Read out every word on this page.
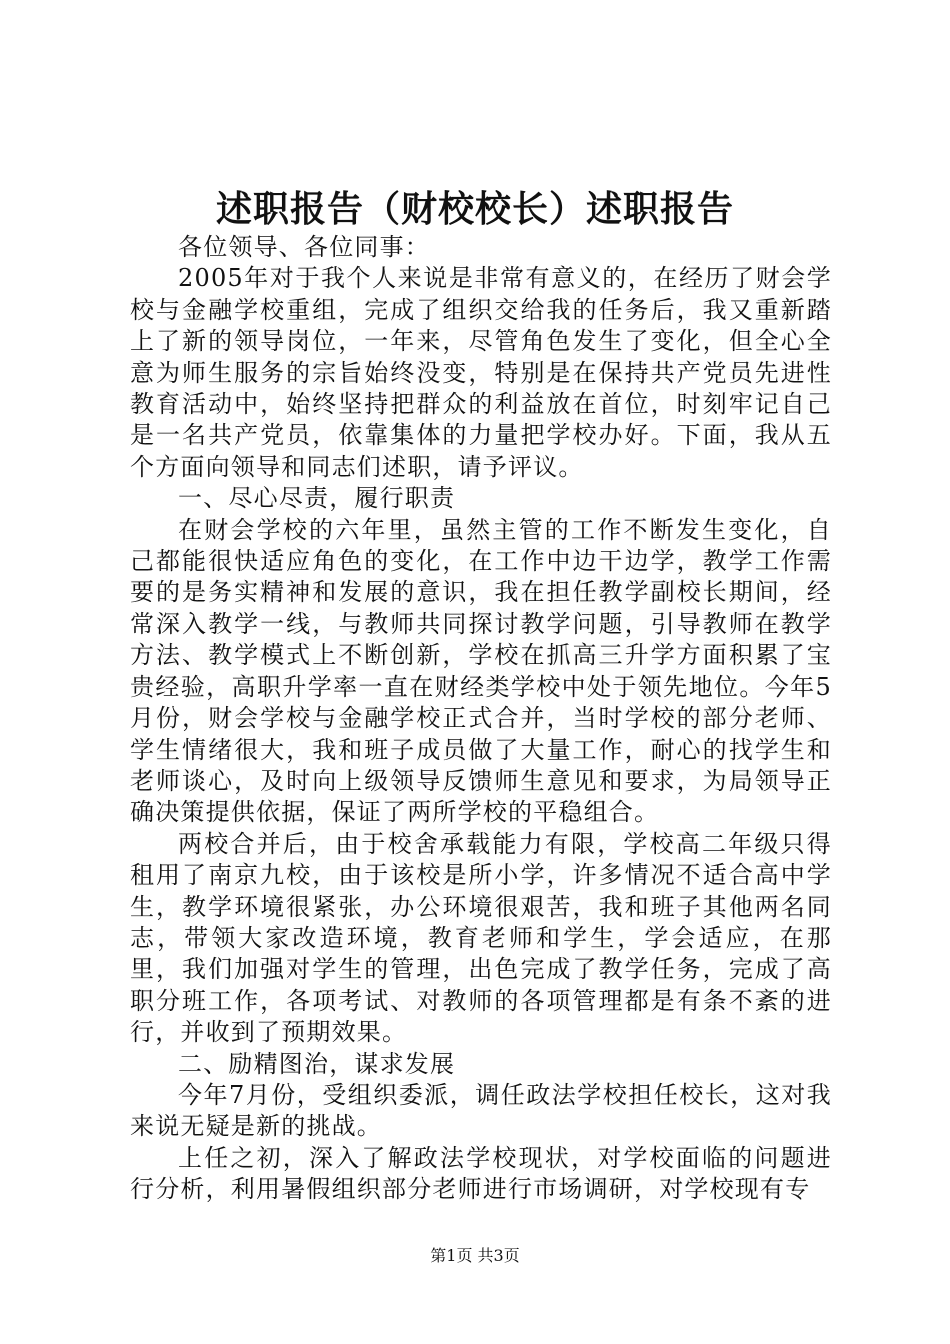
述职报告（财校校长）述职报告

各位领导、各位同事：

2005年对于我个人来说是非常有意义的，在经历了财会学校与金融学校重组，完成了组织交给我的任务后，我又重新踏上了新的领导岗位，一年来，尽管角色发生了变化，但全心全意为师生服务的宗旨始终没变，特别是在保持共产党员先进性教育活动中，始终坚持把群众的利益放在首位，时刻牢记自己是一名共产党员，依靠集体的力量把学校办好。下面，我从五个方面向领导和同志们述职，请予评议。

一、尽心尽责，履行职责

在财会学校的六年里，虽然主管的工作不断发生变化，自己都能很快适应角色的变化，在工作中边干边学，教学工作需要的是务实精神和发展的意识，我在担任教学副校长期间，经常深入教学一线，与教师共同探讨教学问题，引导教师在教学方法、教学模式上不断创新，学校在抓高三升学方面积累了宝贵经验，高职升学率一直在财经类学校中处于领先地位。今年5月份，财会学校与金融学校正式合并，当时学校的部分老师、学生情绪很大，我和班子成员做了大量工作，耐心的找学生和老师谈心，及时向上级领导反馈师生意见和要求，为局领导正确决策提供依据，保证了两所学校的平稳组合。

两校合并后，由于校舍承载能力有限，学校高二年级只得租用了南京九校，由于该校是所小学，许多情况不适合高中学生，教学环境很紧张，办公环境很艰苦，我和班子其他两名同志，带领大家改造环境，教育老师和学生，学会适应，在那里，我们加强对学生的管理，出色完成了教学任务，完成了高职分班工作，各项考试、对教师的各项管理都是有条不紊的进行，并收到了预期效果。

二、励精图治，谋求发展

今年7月份，受组织委派，调任政法学校担任校长，这对我来说无疑是新的挑战。

上任之初，深入了解政法学校现状，对学校面临的问题进行分析，利用暑假组织部分老师进行市场调研，对学校现有专

第1页 共3页
